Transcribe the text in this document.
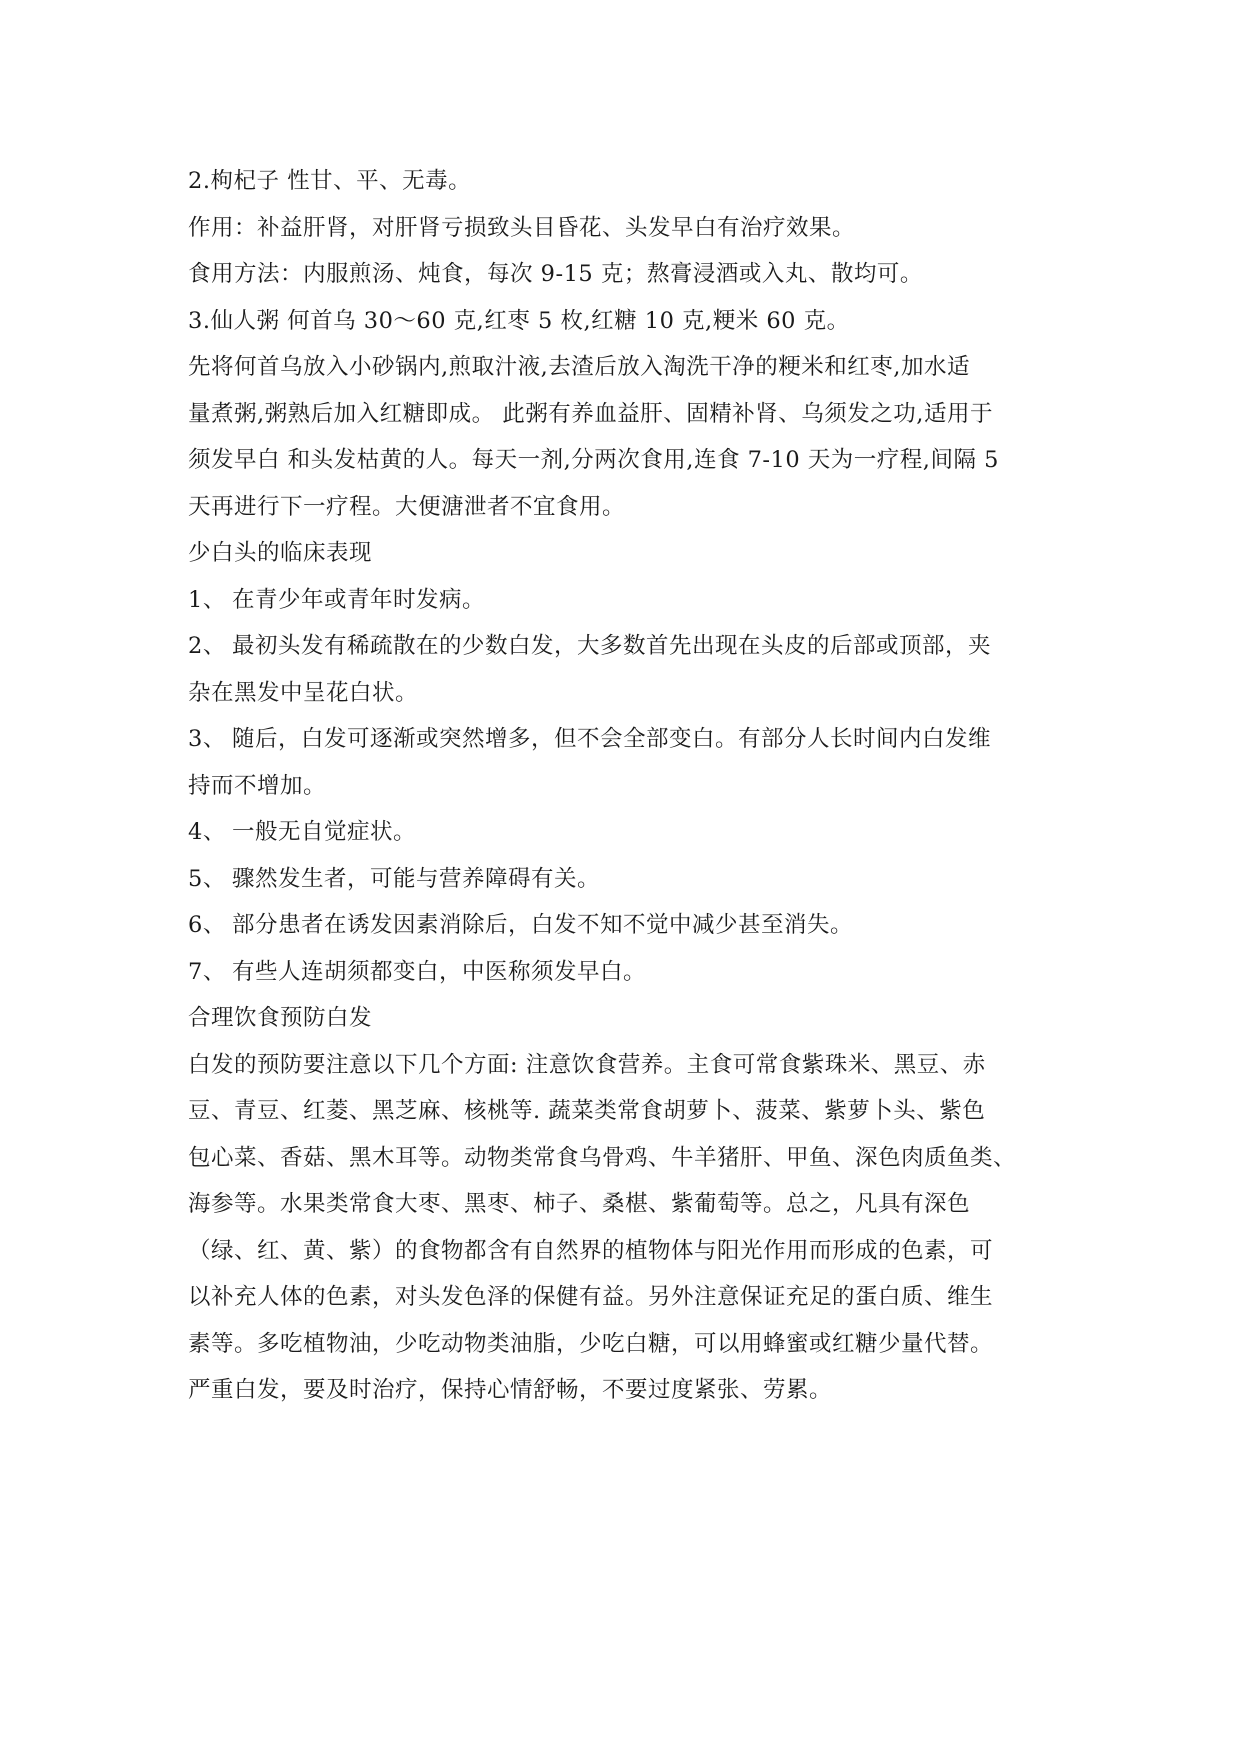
2.枸杞子 性甘、平、无毒。
作用：补益肝肾，对肝肾亏损致头目昏花、头发早白有治疗效果。
食用方法：内服煎汤、炖食，每次 9-15 克；熬膏浸酒或入丸、散均可。
3.仙人粥 何首乌 30～60 克,红枣 5 枚,红糖 10 克,粳米 60 克。
先将何首乌放入小砂锅内,煎取汁液,去渣后放入淘洗干净的粳米和红枣,加水适
量煮粥,粥熟后加入红糖即成。 此粥有养血益肝、固精补肾、乌须发之功,适用于
须发早白 和头发枯黄的人。每天一剂,分两次食用,连食 7-10 天为一疗程,间隔 5
天再进行下一疗程。大便溏泄者不宜食用。
少白头的临床表现
1、 在青少年或青年时发病。
2、 最初头发有稀疏散在的少数白发，大多数首先出现在头皮的后部或顶部，夹
杂在黑发中呈花白状。
3、 随后，白发可逐渐或突然增多，但不会全部变白。有部分人长时间内白发维
持而不增加。
4、 一般无自觉症状。
5、 骤然发生者，可能与营养障碍有关。
6、 部分患者在诱发因素消除后，白发不知不觉中减少甚至消失。
7、 有些人连胡须都变白，中医称须发早白。
合理饮食预防白发
白发的预防要注意以下几个方面: 注意饮食营养。主食可常食紫珠米、黑豆、赤
豆、青豆、红菱、黑芝麻、核桃等. 蔬菜类常食胡萝卜、菠菜、紫萝卜头、紫色
包心菜、香菇、黑木耳等。动物类常食乌骨鸡、牛羊猪肝、甲鱼、深色肉质鱼类、
海参等。水果类常食大枣、黑枣、柿子、桑椹、紫葡萄等。总之，凡具有深色
（绿、红、黄、紫）的食物都含有自然界的植物体与阳光作用而形成的色素，可
以补充人体的色素，对头发色泽的保健有益。另外注意保证充足的蛋白质、维生
素等。多吃植物油，少吃动物类油脂，少吃白糖，可以用蜂蜜或红糖少量代替。
严重白发，要及时治疗，保持心情舒畅，不要过度紧张、劳累。
